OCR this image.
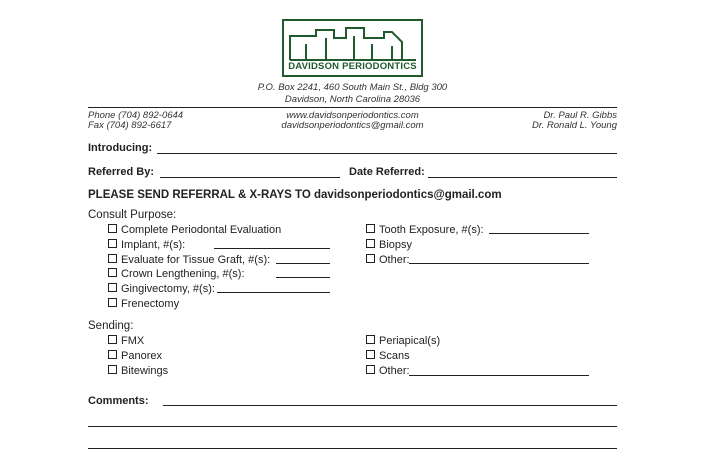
DAVIDSON PERIODONTICS
P.O. Box 2241, 460 South Main St., Bldg 300
Davidson, North Carolina 28036
Phone (704) 892-0644
Fax (704) 892-6617
www.davidsonperiodontics.com
davidsonperiodontics@gmail.com
Dr. Paul R. Gibbs
Dr. Ronald L. Young
Introducing:
Referred By:	Date Referred:
PLEASE SEND REFERRAL & X-RAYS TO davidsonperiodontics@gmail.com
Consult Purpose:
Complete Periodontal Evaluation
Implant, #(s):
Evaluate for Tissue Graft, #(s):
Crown Lengthening, #(s):
Gingivectomy, #(s):
Frenectomy
Tooth Exposure, #(s):
Biopsy
Other:
Sending:
FMX
Panorex
Bitewings
Periapical(s)
Scans
Other:
Comments:
